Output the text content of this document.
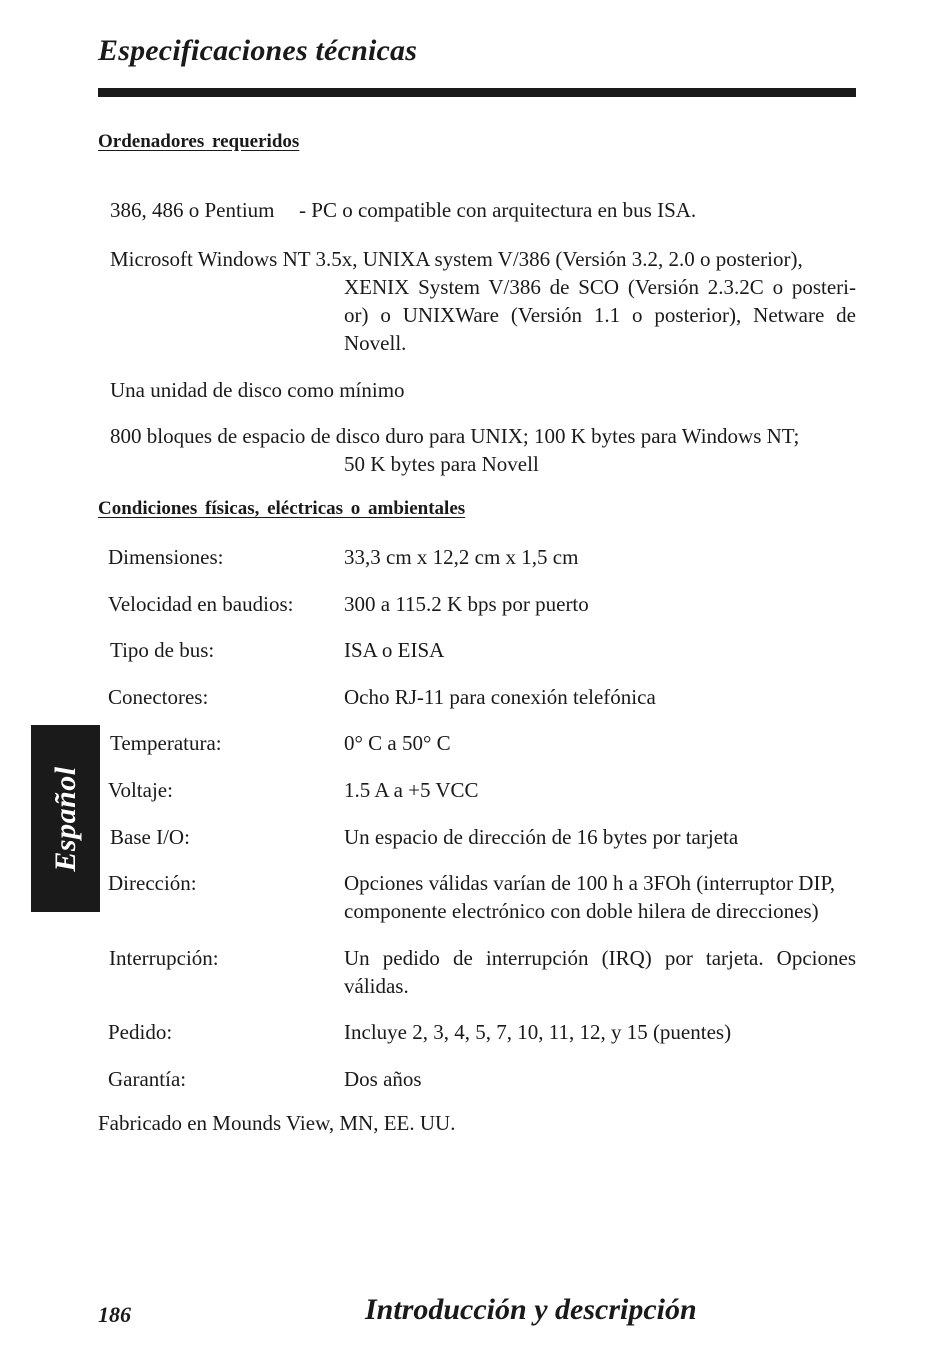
Especificaciones técnicas
Ordenadores requeridos
386, 486 o Pentium - PC o compatible con arquitectura en bus ISA.
Microsoft Windows NT 3.5x, UNIXA system V/386 (Versión 3.2, 2.0 o posterior),
XENIX System V/386 de SCO (Versión 2.3.2C o posteri- or) o UNIXWare (Versión 1.1 o posterior), Netware de Novell.
Una unidad de disco como mínimo
800 bloques de espacio de disco duro para UNIX; 100 K bytes para Windows NT;
50 K bytes para Novell
Condiciones físicas, eléctricas o ambientales
Dimensiones:	33,3 cm x 12,2 cm x 1,5 cm
Velocidad en baudios: 300 a 115.2 K bps por puerto
Tipo de bus:	ISA o EISA
Conectores:	Ocho RJ-11 para conexión telefónica
Temperatura:	0° C a 50° C
Voltaje:	1.5 A a +5 VCC
Base I/O:	Un espacio de dirección de 16 bytes por tarjeta
Dirección:	Opciones válidas varían de 100 h a 3FOh (interruptor DIP, componente electrónico con doble hilera de direcciones)
Interrupción:	Un pedido de interrupción (IRQ) por tarjeta. Opciones válidas.
Pedido:	Incluye 2, 3, 4, 5, 7, 10, 11, 12, y 15 (puentes)
Garantía:	Dos años
Español
Fabricado en Mounds View, MN, EE. UU.
186	Introducción y descripción
